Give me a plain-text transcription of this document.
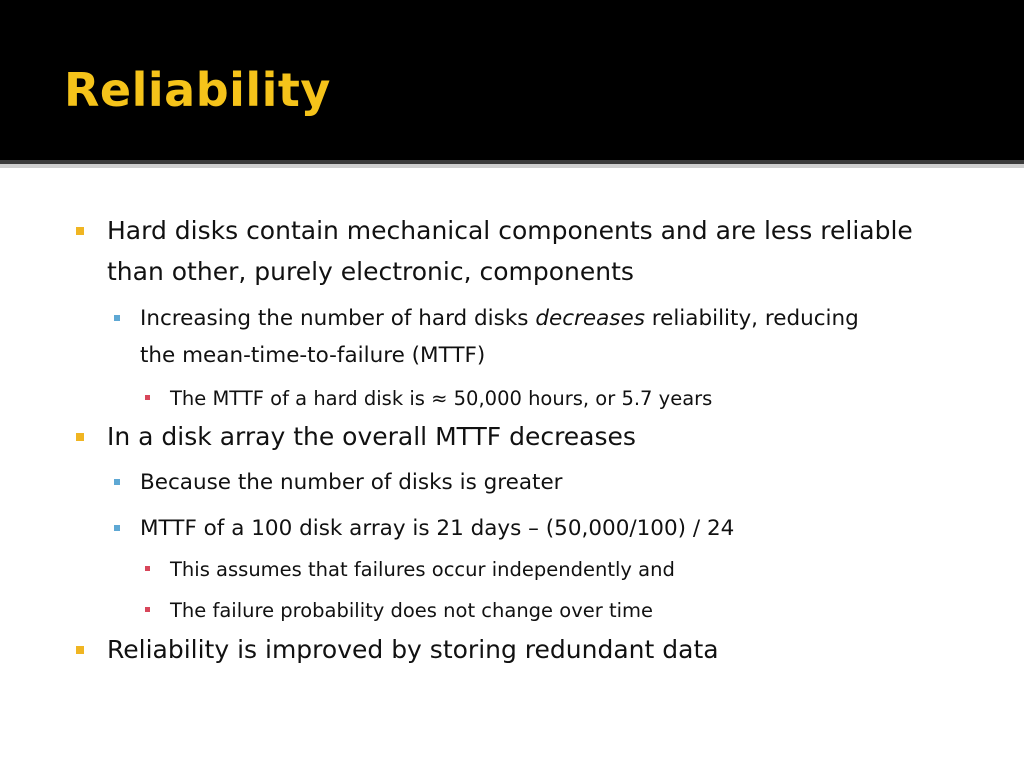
Reliability
Hard disks contain mechanical components and are less reliable than other, purely electronic, components
Increasing the number of hard disks decreases reliability, reducing the mean-time-to-failure (MTTF)
The MTTF of a hard disk is ≈ 50,000 hours, or 5.7 years
In a disk array the overall MTTF decreases
Because the number of disks is greater
MTTF of a 100 disk array is 21 days – (50,000/100) / 24
This assumes that failures occur independently and
The failure probability does not change over time
Reliability is improved by storing redundant data
